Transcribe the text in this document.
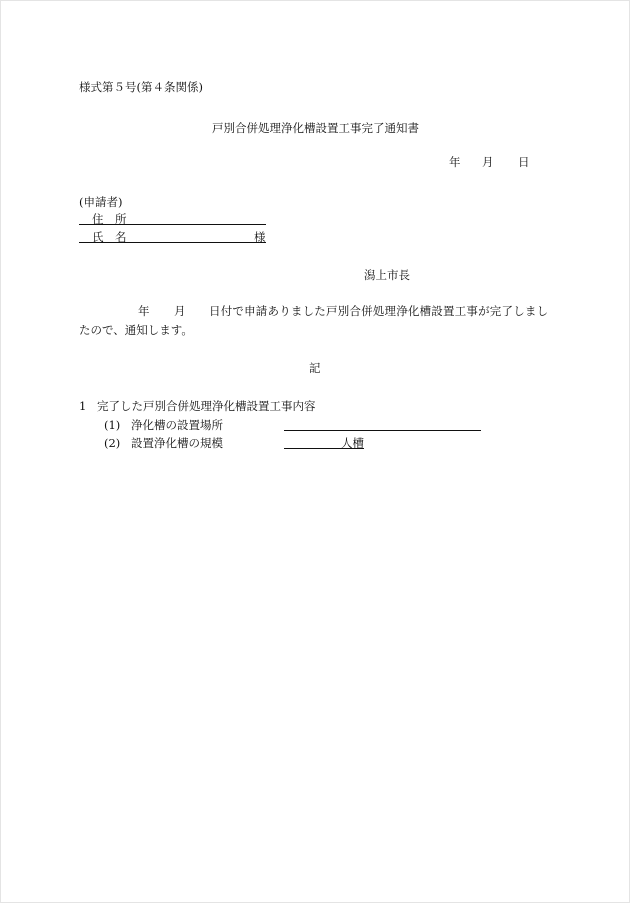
様式第５号(第４条関係)
戸別合併処理浄化槽設置工事完了通知書
年 月 日
(申請者)
住　所
氏　名	様
潟上市長
年 月 日付で申請ありました戸別合併処理浄化槽設置工事が完了しまし
たので、通知します。
記
1 完了した戸別合併処理浄化槽設置工事内容
(1) 浄化槽の設置場所
(2) 設置浄化槽の規模	人槽
